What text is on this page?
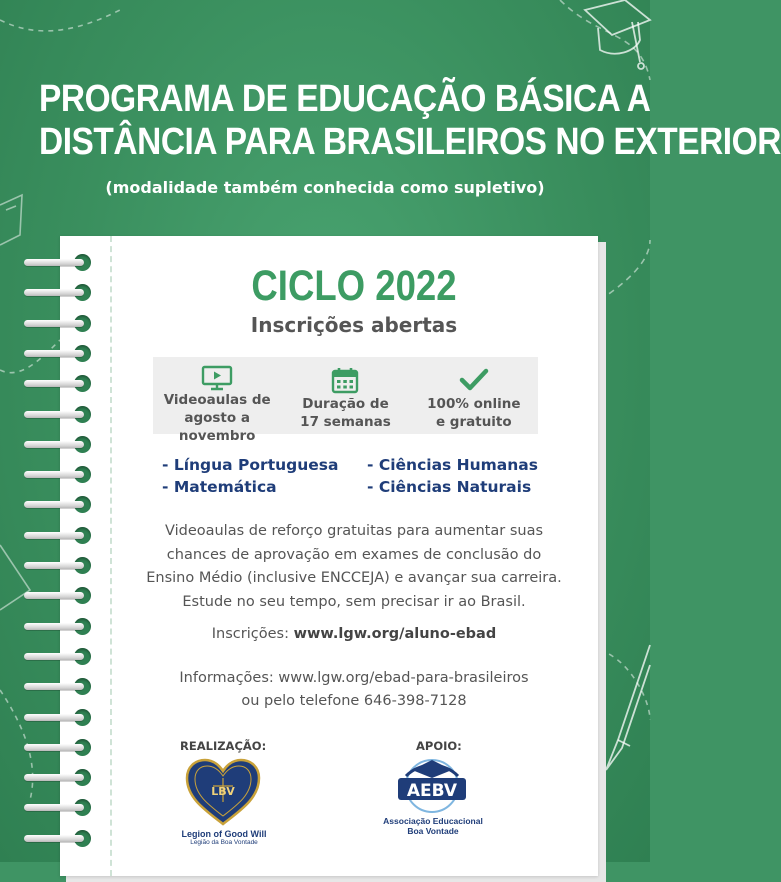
PROGRAMA DE EDUCAÇÃO BÁSICA A
DISTÂNCIA PARA BRASILEIROS NO EXTERIOR
(modalidade também conhecida como supletivo)
CICLO 2022
Inscrições abertas
Videoaulas de
agosto a novembro
Duração de
17 semanas
100% online
e gratuito
- Língua Portuguesa	- Ciências Humanas
- Matemática	- Ciências Naturais
Videoaulas de reforço gratuitas para aumentar suas
chances de aprovação em exames de conclusão do
Ensino Médio (inclusive ENCCEJA) e avançar sua carreira.
Estude no seu tempo, sem precisar ir ao Brasil.
Inscrições: www.lgw.org/aluno-ebad
Informações: www.lgw.org/ebad-para-brasileiros
ou pelo telefone 646-398-7128
REALIZAÇÃO:	APOIO:
LBV
Legion of Good Will
Legião da Boa Vontade
AEBV
Associação Educacional
Boa Vontade
